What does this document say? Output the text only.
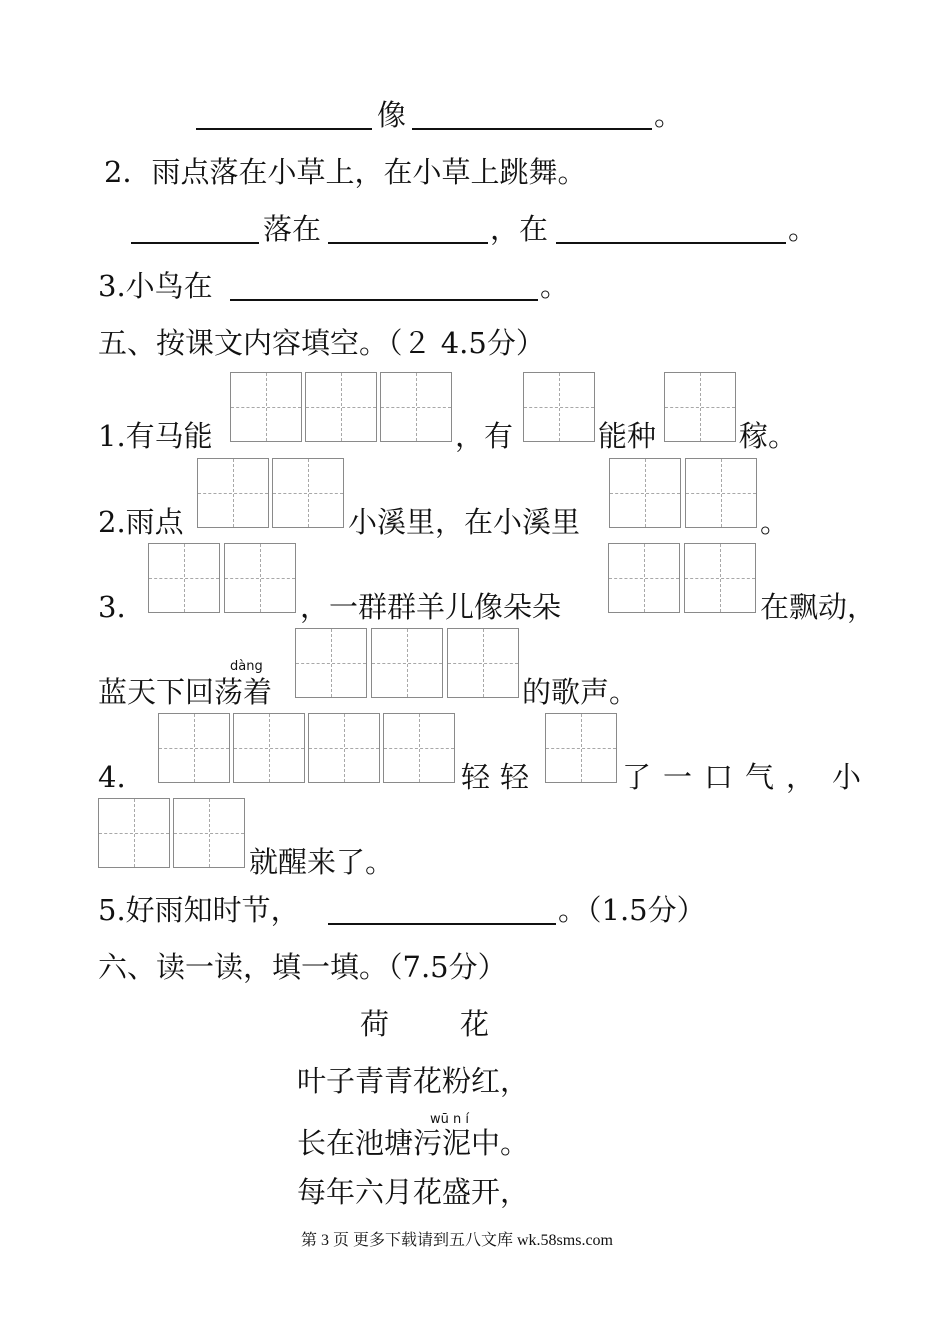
像	。
2．雨点落在小草上，在小草上跳舞。
落在	，在	。
3.小鸟在	。
五、按课文内容填空。（２ 4.5分）
1.有马能	，有	能种	稼。
2.雨点	小溪里，在小溪里	。
3.	，一群群羊儿像朵朵	在飘动，
dàng
蓝天下回荡着	的歌声。
4.	轻轻	了一口气， 小
就醒来了。
5.好雨知时节，	。（1.5分）
六、读一读，填一填。（7.5分）
荷 花
叶子青青花粉红，
wū n í
长在池塘污泥中。
每年六月花盛开，
第 3 页 更多下载请到五八文库 wk.58sms.com
